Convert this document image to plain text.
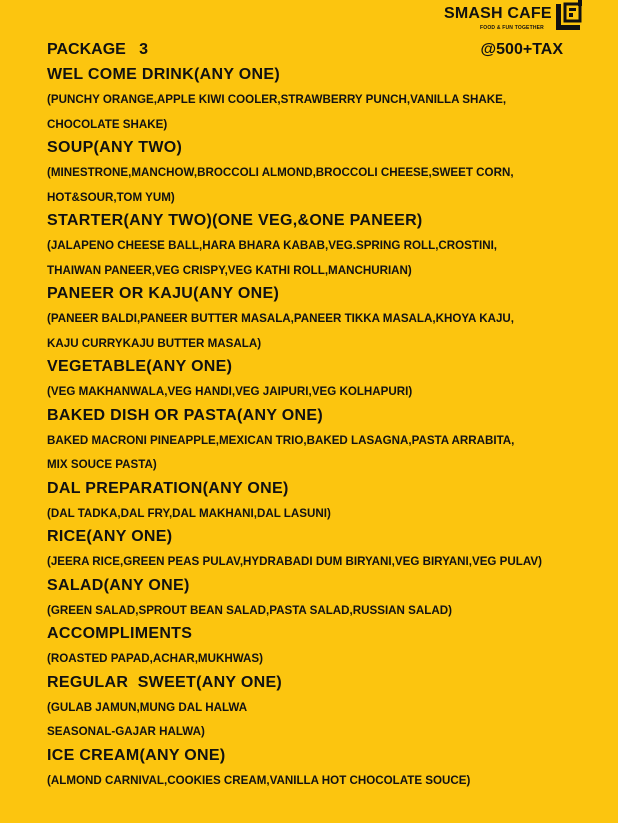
SMASH CAFE
FOOD & FUN TOGETHER
PACKAGE   3	@500+TAX
WEL COME DRINK(ANY ONE)
(PUNCHY ORANGE,APPLE KIWI COOLER,STRAWBERRY PUNCH,VANILLA SHAKE,
CHOCOLATE SHAKE)
SOUP(ANY TWO)
(MINESTRONE,MANCHOW,BROCCOLI ALMOND,BROCCOLI CHEESE,SWEET CORN,
HOT&SOUR,TOM YUM)
STARTER(ANY TWO)(ONE VEG,&ONE PANEER)
(JALAPENO CHEESE BALL,HARA BHARA KABAB,VEG.SPRING ROLL,CROSTINI,
THAIWAN PANEER,VEG CRISPY,VEG KATHI ROLL,MANCHURIAN)
PANEER OR KAJU(ANY ONE)
(PANEER BALDI,PANEER BUTTER MASALA,PANEER TIKKA MASALA,KHOYA KAJU,
KAJU CURRYKAJU BUTTER MASALA)
VEGETABLE(ANY ONE)
(VEG MAKHANWALA,VEG HANDI,VEG JAIPURI,VEG KOLHAPURI)
BAKED DISH OR PASTA(ANY ONE)
BAKED MACRONI PINEAPPLE,MEXICAN TRIO,BAKED LASAGNA,PASTA ARRABITA,
MIX SOUCE PASTA)
DAL PREPARATION(ANY ONE)
(DAL TADKA,DAL FRY,DAL MAKHANI,DAL LASUNI)
RICE(ANY ONE)
(JEERA RICE,GREEN PEAS PULAV,HYDRABADI DUM BIRYANI,VEG BIRYANI,VEG PULAV)
SALAD(ANY ONE)
(GREEN SALAD,SPROUT BEAN SALAD,PASTA SALAD,RUSSIAN SALAD)
ACCOMPLIMENTS
(ROASTED PAPAD,ACHAR,MUKHWAS)
REGULAR  SWEET(ANY ONE)
(GULAB JAMUN,MUNG DAL HALWA
SEASONAL-GAJAR HALWA)
ICE CREAM(ANY ONE)
(ALMOND CARNIVAL,COOKIES CREAM,VANILLA HOT CHOCOLATE SOUCE)
